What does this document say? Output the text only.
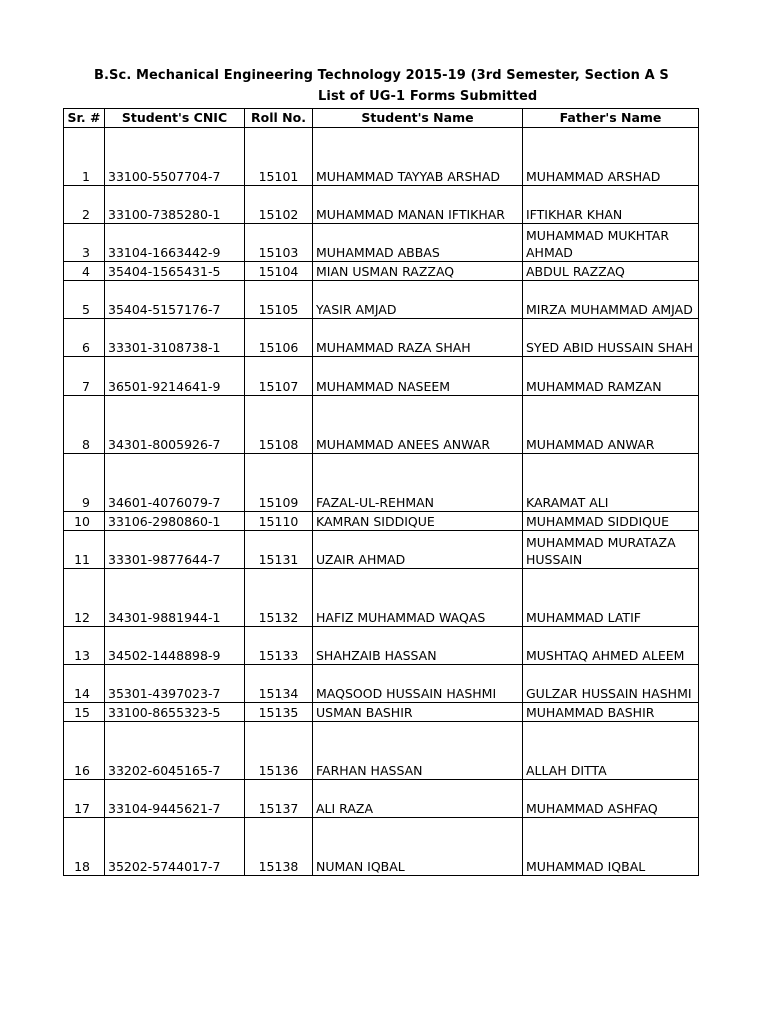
B.Sc. Mechanical Engineering Technology 2015-19 (3rd Semester, Section A S
List of UG-1 Forms Submitted
Sr. #	Student's CNIC	Roll No.	Student's Name	Father's Name
1	33100-5507704-7	15101	MUHAMMAD TAYYAB ARSHAD	MUHAMMAD ARSHAD
2	33100-7385280-1	15102	MUHAMMAD MANAN IFTIKHAR	IFTIKHAR KHAN
3	33104-1663442-9	15103	MUHAMMAD ABBAS	MUHAMMAD MUKHTAR AHMAD
4	35404-1565431-5	15104	MIAN USMAN RAZZAQ	ABDUL RAZZAQ
5	35404-5157176-7	15105	YASIR AMJAD	MIRZA MUHAMMAD AMJAD
6	33301-3108738-1	15106	MUHAMMAD RAZA SHAH	SYED ABID HUSSAIN SHAH
7	36501-9214641-9	15107	MUHAMMAD NASEEM	MUHAMMAD RAMZAN
8	34301-8005926-7	15108	MUHAMMAD ANEES ANWAR	MUHAMMAD ANWAR
9	34601-4076079-7	15109	FAZAL-UL-REHMAN	KARAMAT ALI
10	33106-2980860-1	15110	KAMRAN SIDDIQUE	MUHAMMAD SIDDIQUE
11	33301-9877644-7	15131	UZAIR AHMAD	MUHAMMAD MURATAZA HUSSAIN
12	34301-9881944-1	15132	HAFIZ MUHAMMAD WAQAS	MUHAMMAD LATIF
13	34502-1448898-9	15133	SHAHZAIB HASSAN	MUSHTAQ AHMED ALEEM
14	35301-4397023-7	15134	MAQSOOD HUSSAIN HASHMI	GULZAR HUSSAIN HASHMI
15	33100-8655323-5	15135	USMAN BASHIR	MUHAMMAD BASHIR
16	33202-6045165-7	15136	FARHAN HASSAN	ALLAH DITTA
17	33104-9445621-7	15137	ALI RAZA	MUHAMMAD ASHFAQ
18	35202-5744017-7	15138	NUMAN IQBAL	MUHAMMAD IQBAL
